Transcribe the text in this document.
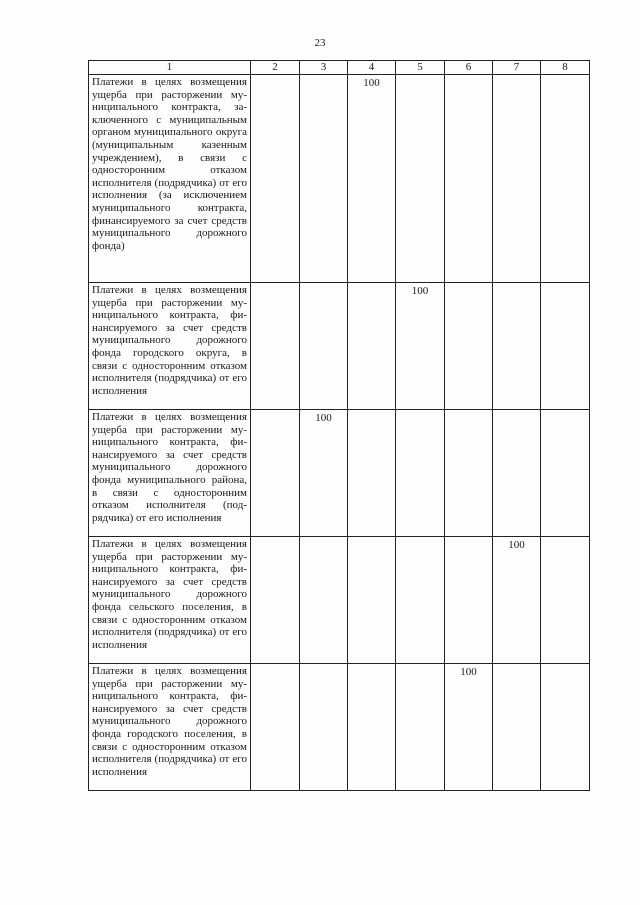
23
1	2	3	4	5	6	7	8
Платежи в целях возмещения ущерба при расторжении муниципального контракта, заключенного с муниципальным органом муниципального округа (муниципальным казенным учреждением), в связи с односторонним отказом исполнителя (подрядчика) от его исполнения (за исключением муниципального контракта, финансируемого за счет средств муниципального дорожного фонда)			100				
Платежи в целях возмещения ущерба при расторжении муниципального контракта, финансируемого за счет средств муниципального дорожного фонда городского округа, в связи с односторонним отказом исполнителя (подрядчика) от его исполнения				100			
Платежи в целях возмещения ущерба при расторжении муниципального контракта, финансируемого за счет средств муниципального дорожного фонда муниципального района, в связи с односторонним отказом исполнителя (подрядчика) от его исполнения		100					
Платежи в целях возмещения ущерба при расторжении муниципального контракта, финансируемого за счет средств муниципального дорожного фонда сельского поселения, в связи с односторонним отказом исполнителя (подрядчика) от его исполнения						100	
Платежи в целях возмещения ущерба при расторжении муниципального контракта, финансируемого за счет средств муниципального дорожного фонда городского поселения, в связи с односторонним отказом исполнителя (подрядчика) от его исполнения					100		
